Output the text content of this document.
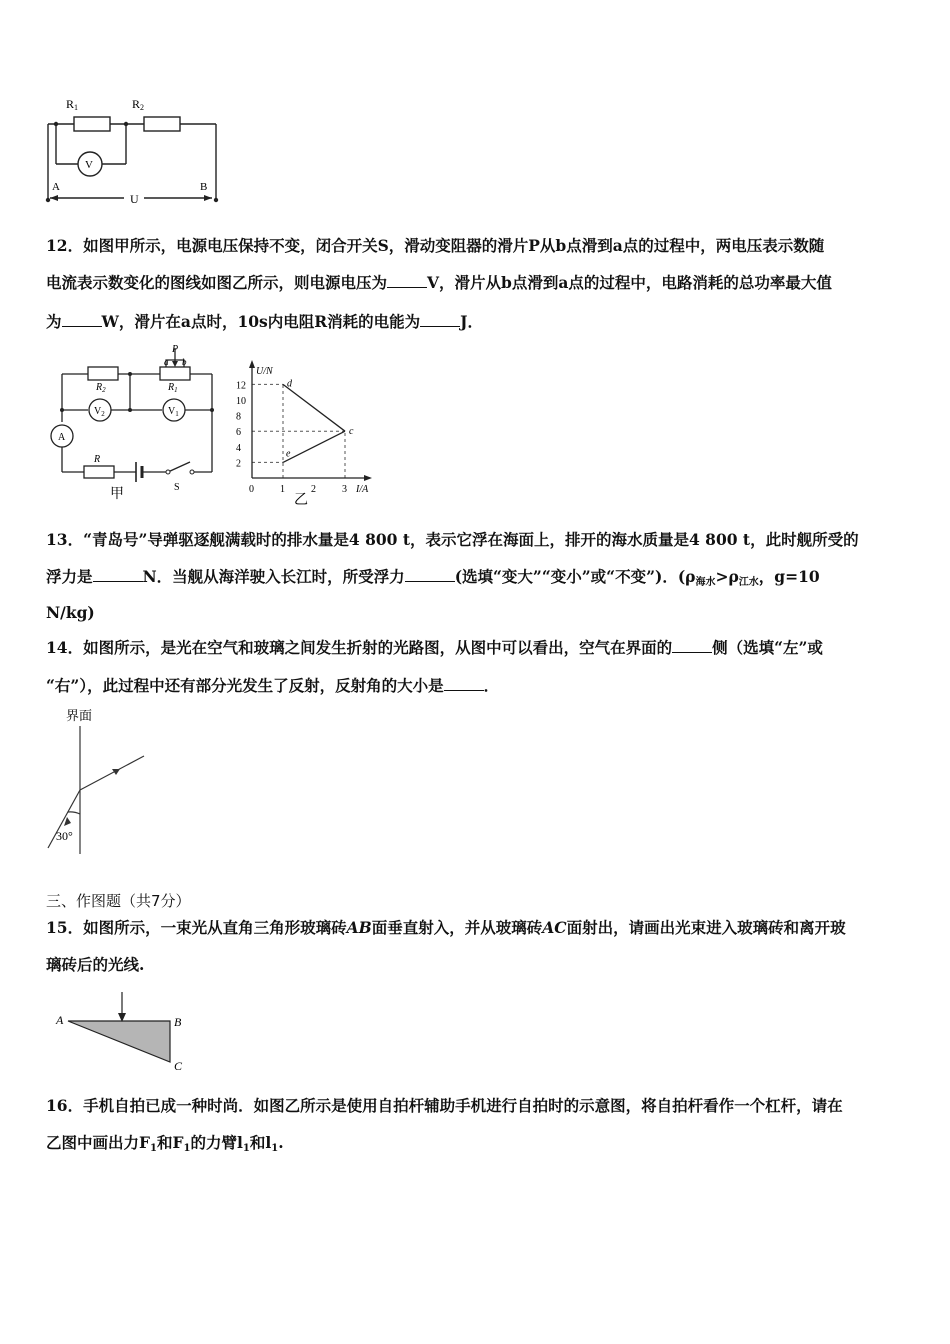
R1	R2
V
A	B
U
12．如图甲所示，电源电压保持不变，闭合开关S，滑动变阻器的滑片P从b点滑到a点的过程中，两电压表示数随
电流表示数变化的图线如图乙所示，则电源电压为	V，滑片从b点滑到a点的过程中，电路消耗的总功率最大值
为	W，滑片在a点时，10s内电阻R消耗的电能为	J．
P
a b
$R_2$	$R_1$
$V_2$	$V_1$
A
R
S
甲
12
10
8
6
4
2
0	1	2	3
U/N
I/A
d
c
e
乙
13．“青岛号”导弹驱逐舰满载时的排水量是4 800 t，表示它浮在海面上，排开的海水质量是4 800 t，此时舰所受的
浮力是	N．当舰从海洋驶入长江时，所受浮力	(选填“变大”“变小”或“不变”)．($\rho_{海水}>\rho_{江水}$，g=10
N/kg)
14．如图所示，是光在空气和玻璃之间发生折射的光路图，从图中可以看出，空气在界面的	侧（选填“左”或
“右”），此过程中还有部分光发生了反射，反射角的大小是	．
界面
30°
三、作图题（共7分）
15．如图所示，一束光从直角三角形玻璃砖AB面垂直射入，并从玻璃砖AC面射出，请画出光束进入玻璃砖和离开玻
璃砖后的光线.
A	B
C
16．手机自拍已成一种时尚．如图乙所示是使用自拍杆辅助手机进行自拍时的示意图，将自拍杆看作一个杠杆，请在
乙图中画出力$F_1$和$F_1$的力臂$l_1$和$l_1$.
